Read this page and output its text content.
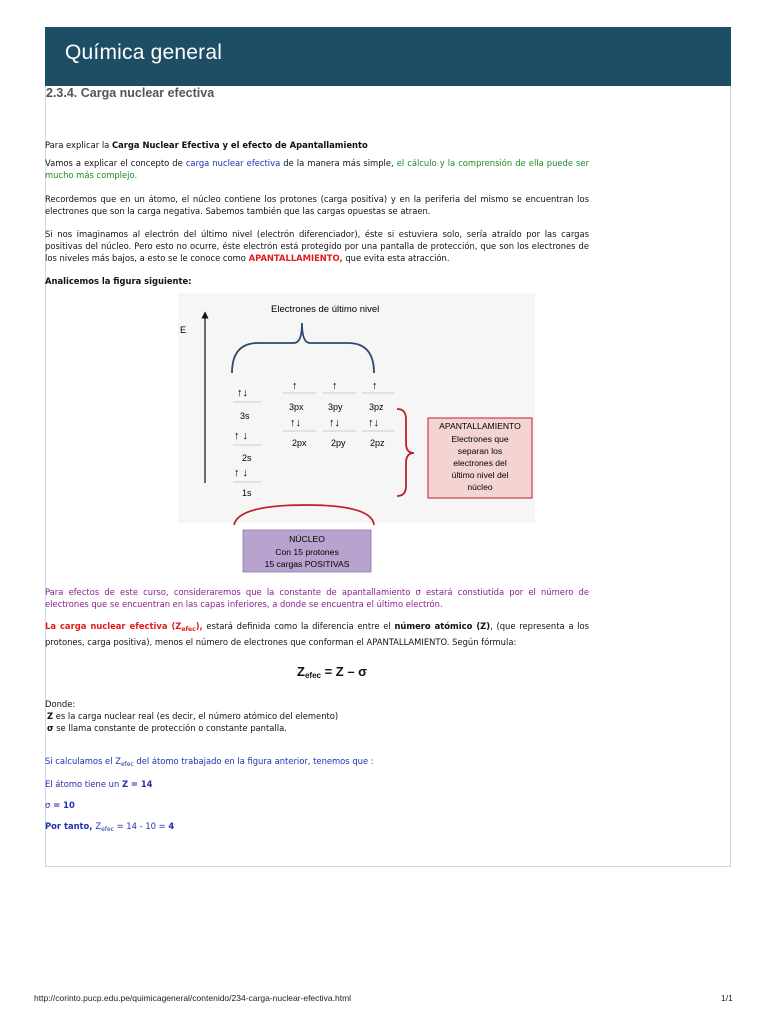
Química general
2.3.4. Carga nuclear efectiva
Para explicar la Carga Nuclear Efectiva y el efecto de Apantallamiento
Vamos a explicar el concepto de carga nuclear efectiva de la manera más simple, el cálculo y la comprensión de ella puede ser mucho más complejo.
Recordemos que en un átomo, el núcleo contiene los protones (carga positiva) y en la periferia del mismo se encuentran los electrones que son la carga negativa. Sabemos también que las cargas opuestas se atraen.
Si nos imaginamos al electrón del último nivel (electrón diferenciador), éste si estuviera solo, sería atraído por las cargas positivas del núcleo. Pero esto no ocurre, éste electrón está protegido por una pantalla de protección, que son los electrones de los niveles más bajos, a esto se le conoce como APANTALLAMIENTO, que evita esta atracción.
Analicemos la figura siguiente:
Electrones de último nivel
E
↑↓
3s
↑ ↓
2s
↑ ↓
1s
↑	↑	↑
3px	3py	3pz
↑↓	↑↓	↑↓
2px	2py	2pz
APANTALLAMIENTO
Electrones que
separan los
electrones del
último nivel del
núcleo
NÚCLEO
Con 15 protones
15 cargas POSITIVAS
Para efectos de este curso, consideraremos que la constante de apantallamiento σ estará constiutida por el número de electrones que se encuentran en las capas inferiores, a donde se encuentra el último electrón.
La carga nuclear efectiva $(Z_{efec})$, estará definida como la diferencia entre el número atómico (Z), (que representa a los protones, carga positiva), menos el número de electrones que conforman el APANTALLAMIENTO. Según fórmula:
$Z_{efec} = Z - \sigma$
Donde:
Z es la carga nuclear real (es decir, el número atómico del elemento)
σ se llama constante de protección o constante pantalla.
Si calculamos el $Z_{efec}$ del átomo trabajado en la figura anterior, tenemos que :
El átomo tiene un Z = 14
σ = 10
Por tanto, $Z_{efec} = 14 - 10 = 4$
http://corinto.pucp.edu.pe/quimicageneral/contenido/234-carga-nuclear-efectiva.html	1/1
